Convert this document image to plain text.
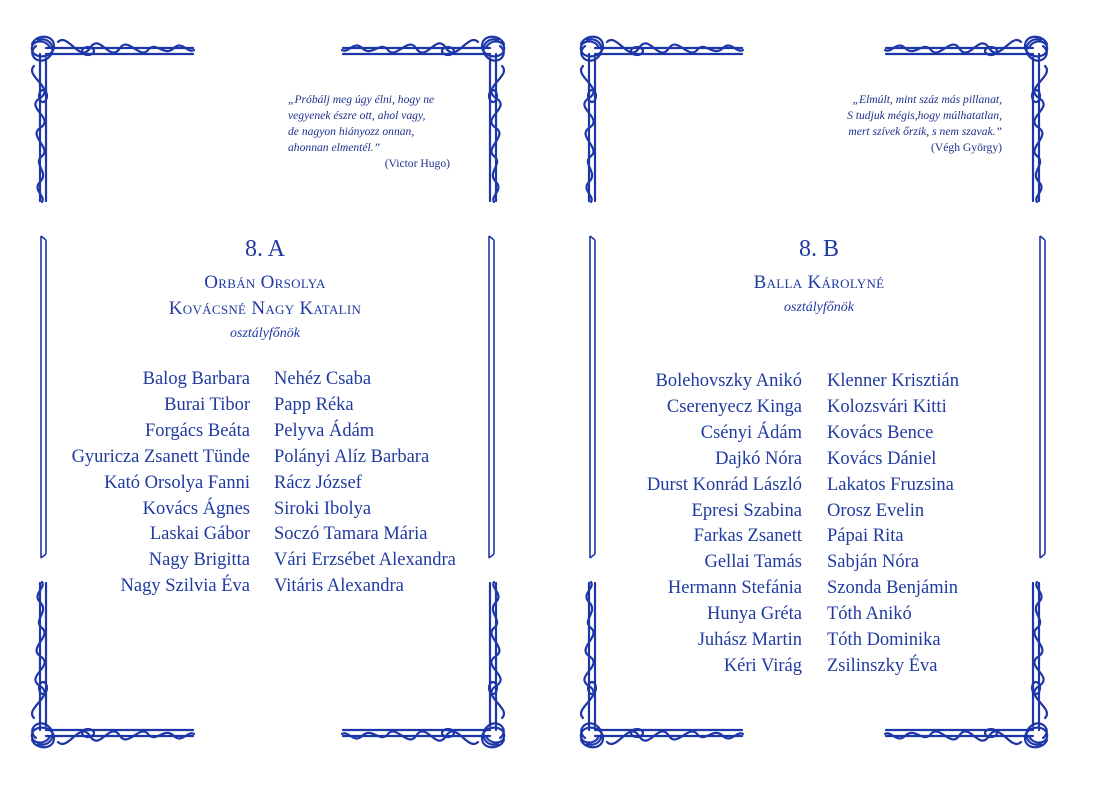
„Próbálj meg úgy élni, hogy ne
vegyenek észre ott, ahol vagy,
de nagyon hiányozz onnan,
ahonnan elmentél.”
(Victor Hugo)
8. A
Orbán Orsolya
Kovácsné Nagy Katalin
osztályfőnök
Balog Barbara
Burai Tibor
Forgács Beáta
Gyuricza Zsanett Tünde
Kató Orsolya Fanni
Kovács Ágnes
Laskai Gábor
Nagy Brigitta
Nagy Szilvia Éva
Nehéz Csaba
Papp Réka
Pelyva Ádám
Polányi Alíz Barbara
Rácz József
Siroki Ibolya
Soczó Tamara Mária
Vári Erzsébet Alexandra
Vitáris Alexandra
„Elmúlt, mint száz más pillanat,
S tudjuk mégis,hogy múlhatatlan,
mert szívek őrzik, s nem szavak.”
(Végh György)
8. B
Balla Károlyné
osztályfőnök
Bolehovszky Anikó
Cserenyecz Kinga
Csényi Ádám
Dajkó Nóra
Durst Konrád László
Epresi Szabina
Farkas Zsanett
Gellai Tamás
Hermann Stefánia
Hunya Gréta
Juhász Martin
Kéri Virág
Klenner Krisztián
Kolozsvári Kitti
Kovács Bence
Kovács Dániel
Lakatos Fruzsina
Orosz Evelin
Pápai Rita
Sabján Nóra
Szonda Benjámin
Tóth Anikó
Tóth Dominika
Zsilinszky Éva
